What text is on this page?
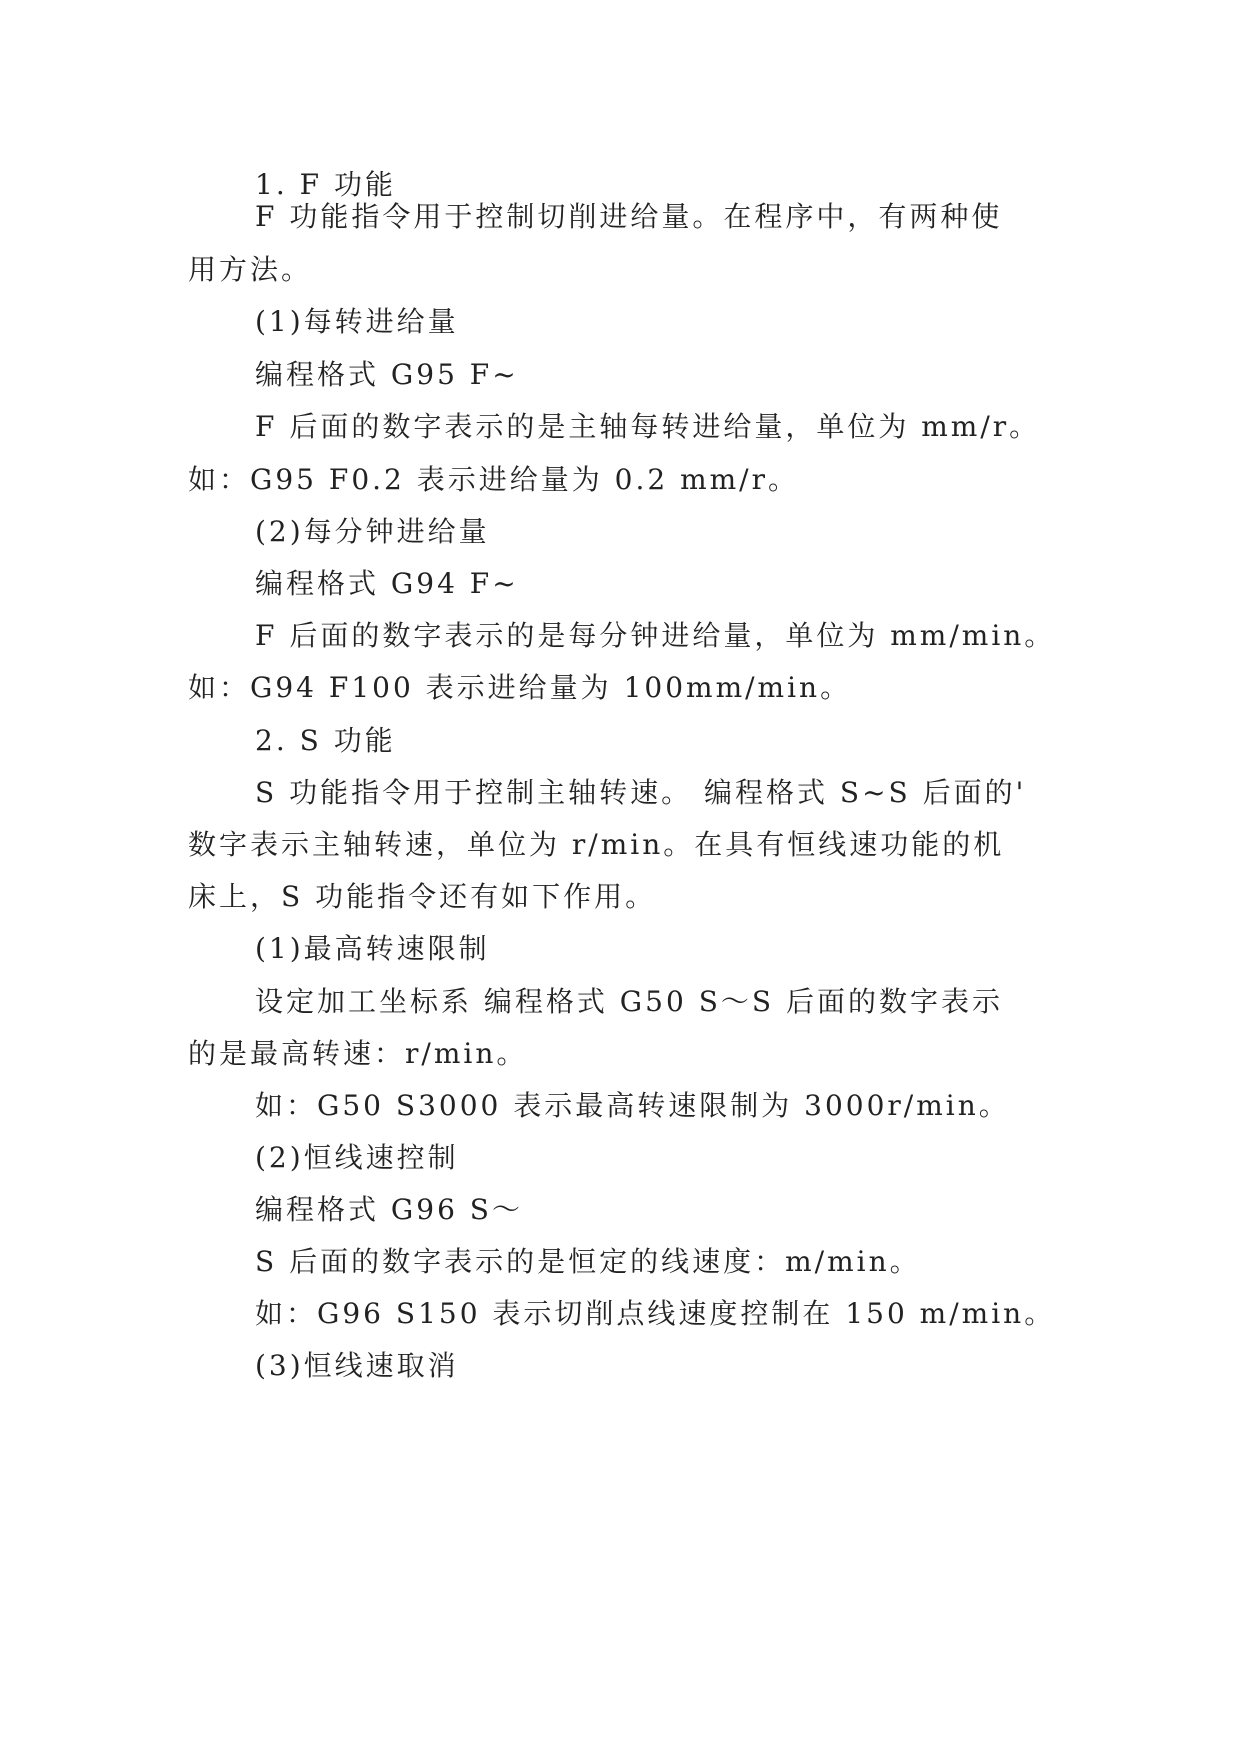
1. F 功能
F 功能指令用于控制切削进给量。在程序中，有两种使
用方法。
(1)每转进给量
编程格式 G95 F~
F 后面的数字表示的是主轴每转进给量，单位为 mm/r。
如：G95 F0.2 表示进给量为 0.2 mm/r。
(2)每分钟进给量
编程格式 G94 F~
F 后面的数字表示的是每分钟进给量，单位为 mm/min。
如：G94 F100 表示进给量为 100mm/min。
2. S 功能
S 功能指令用于控制主轴转速。 编程格式 S~S 后面的'
数字表示主轴转速，单位为 r/min。在具有恒线速功能的机
床上，S 功能指令还有如下作用。
(1)最高转速限制
设定加工坐标系 编程格式 G50 S～S 后面的数字表示
的是最高转速：r/min。
如：G50 S3000 表示最高转速限制为 3000r/min。
(2)恒线速控制
编程格式 G96 S～
S 后面的数字表示的是恒定的线速度：m/min。
如：G96 S150 表示切削点线速度控制在 150 m/min。
(3)恒线速取消
